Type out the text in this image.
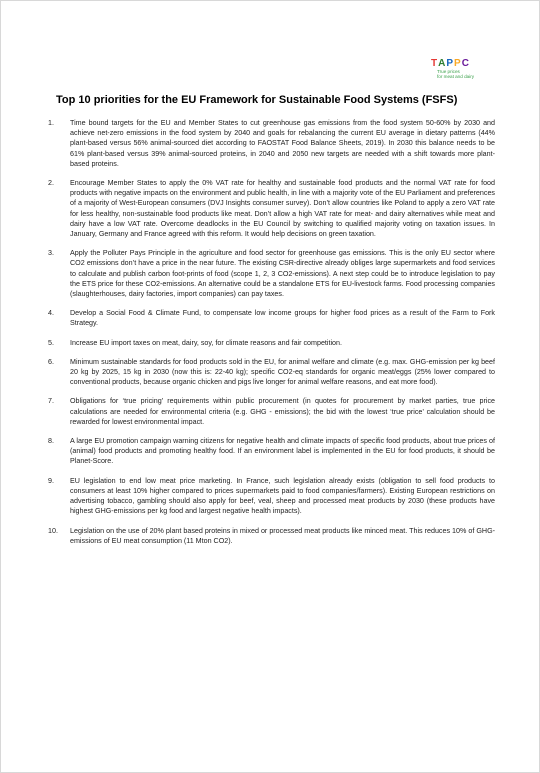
TAPPC
True prices
for meat and dairy
Top 10 priorities for the EU Framework for Sustainable Food Systems (FSFS)
1.	Time bound targets for the EU and Member States to cut greenhouse gas emissions from the food system 50-60% by 2030 and achieve net-zero emissions in the food system by 2040 and goals for rebalancing the current EU average in dietary patterns (44% plant-based versus 56% animal-sourced diet according to FAOSTAT Food Balance Sheets, 2019). In 2030 this balance needs to be 61% plant-based versus 39% animal-sourced proteins, in 2040 and 2050 new targets are needed with a shift towards more plant-based proteins.
2.	Encourage Member States to apply the 0% VAT rate for healthy and sustainable food products and the normal VAT rate for food products with negative impacts on the environment and public health, in line with a majority vote of the EU Parliament and preferences of a majority of West-European consumers (DVJ Insights consumer survey). Don’t allow countries like Poland to apply a zero VAT rate for less healthy, non-sustainable food products like meat. Don’t allow a high VAT rate for meat- and dairy alternatives while meat and dairy have a low VAT rate. Overcome deadlocks in the EU Council by switching to qualified majority voting on taxation issues. In January, Germany and France agreed with this reform. It would help decisions on green taxation.
3.	Apply the Polluter Pays Principle in the agriculture and food sector for greenhouse gas emissions. This is the only EU sector where CO2 emissions don’t have a price in the near future. The existing CSR-directive already obliges large supermarkets and food services to calculate and publish carbon foot-prints of food (scope 1, 2, 3 CO2-emissions). A next step could be to introduce legislation to pay the ETS price for these CO2-emissions. An alternative could be a standalone ETS for EU-livestock farms. Food processing companies (slaughterhouses, dairy factories, import companies) can pay taxes.
4.	Develop a Social Food & Climate Fund, to compensate low income groups for higher food prices as a result of the Farm to Fork Strategy.
5.	Increase EU import taxes on meat, dairy, soy, for climate reasons and fair competition.
6.	Minimum sustainable standards for food products sold in the EU, for animal welfare and climate (e.g. max. GHG-emission per kg beef 20 kg by 2025, 15 kg in 2030 (now this is: 22-40 kg); specific CO2-eq standards for organic meat/eggs (25% lower compared to conventional products, because organic chicken and pigs live longer for animal welfare reasons, and eat more food).
7.	Obligations for ‘true pricing’ requirements within public procurement (in quotes for procurement by market parties, true price calculations are needed for environmental criteria (e.g. GHG - emissions); the bid with the lowest ‘true price’ calculation should be rewarded for lowest environmental impact.
8.	A large EU promotion campaign warning citizens for negative health and climate impacts of specific food products, about true prices of (animal) food products and promoting healthy food. If an environment label is implemented in the EU for food products, it should be Planet-Score.
9.	EU legislation to end low meat price marketing. In France, such legislation already exists (obligation to sell food products to consumers at least 10% higher compared to prices supermarkets paid to food companies/farmers). Existing European restrictions on advertising tobacco, gambling should also apply for beef, veal, sheep and processed meat products by 2030 (these products have highest GHG-emissions per kg food and largest negative health impacts).
10.	Legislation on the use of 20% plant based proteins in mixed or processed meat products like minced meat. This reduces 10% of GHG-emissions of EU meat consumption (11 Mton CO2).
